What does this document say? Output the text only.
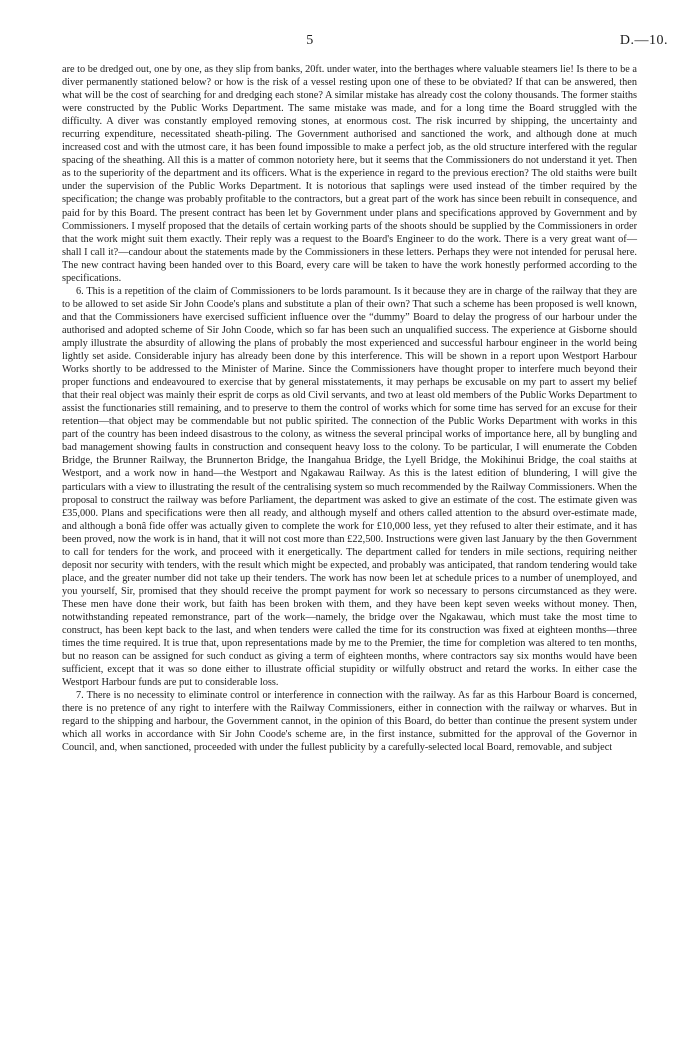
5	D.—10.

are to be dredged out, one by one, as they slip from banks, 20ft. under water, into the berthages where valuable steamers lie! Is there to be a diver permanently stationed below? or how is the risk of a vessel resting upon one of these to be obviated? If that can be answered, then what will be the cost of searching for and dredging each stone? A similar mistake has already cost the colony thousands. The former staiths were constructed by the Public Works Department. The same mistake was made, and for a long time the Board struggled with the difficulty. A diver was constantly employed removing stones, at enormous cost. The risk incurred by shipping, the uncertainty and recurring expenditure, necessitated sheath-piling. The Government authorised and sanctioned the work, and although done at much increased cost and with the utmost care, it has been found impossible to make a perfect job, as the old structure interfered with the regular spacing of the sheathing. All this is a matter of common notoriety here, but it seems that the Commissioners do not understand it yet. Then as to the superiority of the department and its officers. What is the experience in regard to the previous erection? The old staiths were built under the supervision of the Public Works Department. It is notorious that saplings were used instead of the timber required by the specification; the change was probably profitable to the contractors, but a great part of the work has since been rebuilt in consequence, and paid for by this Board. The present contract has been let by Government under plans and specifications approved by Government and by Commissioners. I myself proposed that the details of certain working parts of the shoots should be supplied by the Commissioners in order that the work might suit them exactly. Their reply was a request to the Board's Engineer to do the work. There is a very great want of—shall I call it?—candour about the statements made by the Commissioners in these letters. Perhaps they were not intended for perusal here. The new contract having been handed over to this Board, every care will be taken to have the work honestly performed according to the specifications.

6. This is a repetition of the claim of Commissioners to be lords paramount. Is it because they are in charge of the railway that they are to be allowed to set aside Sir John Coode's plans and substitute a plan of their own? That such a scheme has been proposed is well known, and that the Commissioners have exercised sufficient influence over the “dummy” Board to delay the progress of our harbour under the authorised and adopted scheme of Sir John Coode, which so far has been such an unqualified success. The experience at Gisborne should amply illustrate the absurdity of allowing the plans of probably the most experienced and successful harbour engineer in the world being lightly set aside. Considerable injury has already been done by this interference. This will be shown in a report upon Westport Harbour Works shortly to be addressed to the Minister of Marine. Since the Commissioners have thought proper to interfere much beyond their proper functions and endeavoured to exercise that by general misstatements, it may perhaps be excusable on my part to assert my belief that their real object was mainly their esprit de corps as old Civil servants, and two at least old members of the Public Works Department to assist the functionaries still remaining, and to preserve to them the control of works which for some time has served for an excuse for their retention—that object may be commendable but not public spirited. The connection of the Public Works Department with works in this part of the country has been indeed disastrous to the colony, as witness the several principal works of importance here, all by bungling and bad management showing faults in construction and consequent heavy loss to the colony. To be particular, I will enumerate the Cobden Bridge, the Brunner Railway, the Brunnerton Bridge, the Inangahua Bridge, the Lyell Bridge, the Mokihinui Bridge, the coal staiths at Westport, and a work now in hand—the Westport and Ngakawau Railway. As this is the latest edition of blundering, I will give the particulars with a view to illustrating the result of the centralising system so much recommended by the Railway Commissioners. When the proposal to construct the railway was before Parliament, the department was asked to give an estimate of the cost. The estimate given was £35,000. Plans and specifications were then all ready, and although myself and others called attention to the absurd over-estimate made, and although a bonâ fide offer was actually given to complete the work for £10,000 less, yet they refused to alter their estimate, and it has been proved, now the work is in hand, that it will not cost more than £22,500. Instructions were given last January by the then Government to call for tenders for the work, and proceed with it energetically. The department called for tenders in mile sections, requiring neither deposit nor security with tenders, with the result which might be expected, and probably was anticipated, that random tendering would take place, and the greater number did not take up their tenders. The work has now been let at schedule prices to a number of unemployed, and you yourself, Sir, promised that they should receive the prompt payment for work so necessary to persons circumstanced as they were. These men have done their work, but faith has been broken with them, and they have been kept seven weeks without money. Then, notwithstanding repeated remonstrance, part of the work—namely, the bridge over the Ngakawau, which must take the most time to construct, has been kept back to the last, and when tenders were called the time for its construction was fixed at eighteen months—three times the time required. It is true that, upon representations made by me to the Premier, the time for completion was altered to ten months, but no reason can be assigned for such conduct as giving a term of eighteen months, where contractors say six months would have been sufficient, except that it was so done either to illustrate official stupidity or wilfully obstruct and retard the works. In either case the Westport Harbour funds are put to considerable loss.

7. There is no necessity to eliminate control or interference in connection with the railway. As far as this Harbour Board is concerned, there is no pretence of any right to interfere with the Railway Commissioners, either in connection with the railway or wharves. But in regard to the shipping and harbour, the Government cannot, in the opinion of this Board, do better than continue the present system under which all works in accordance with Sir John Coode's scheme are, in the first instance, submitted for the approval of the Governor in Council, and, when sanctioned, proceeded with under the fullest publicity by a carefully-selected local Board, removable, and subject
